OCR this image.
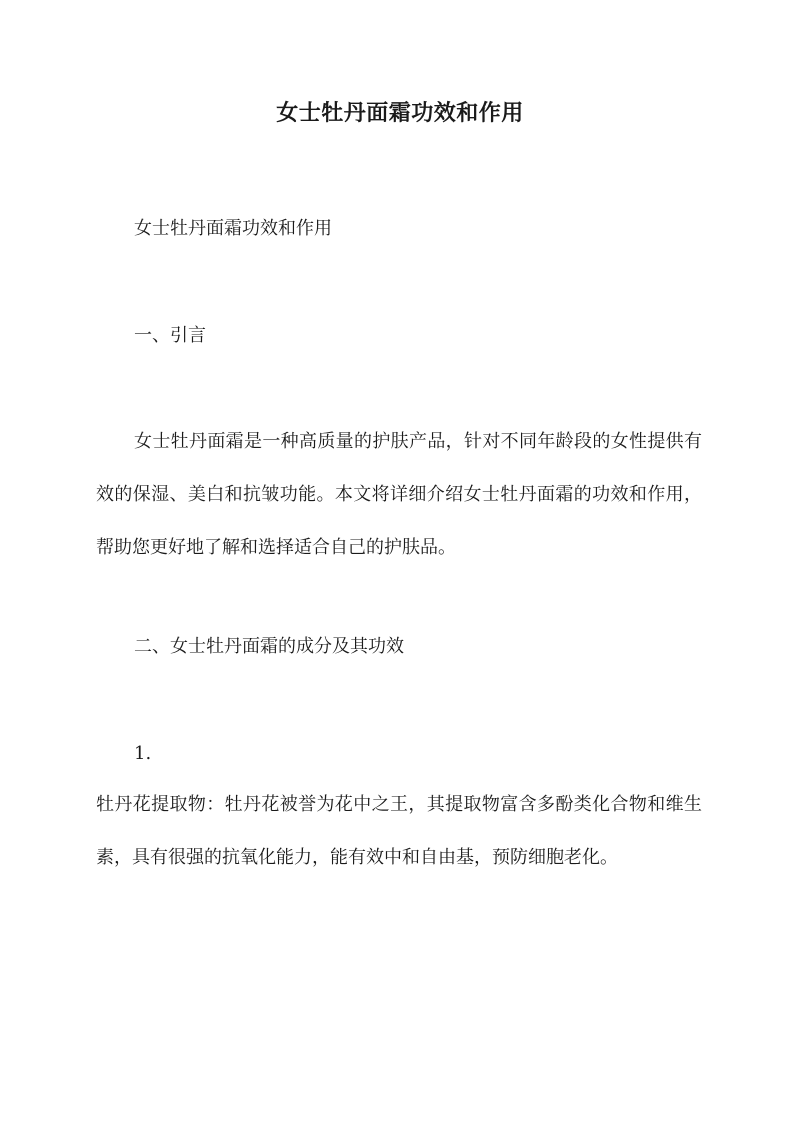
女士牡丹面霜功效和作用
女士牡丹面霜功效和作用
一、引言
女士牡丹面霜是一种高质量的护肤产品，针对不同年龄段的女性提供有效的保湿、美白和抗皱功能。本文将详细介绍女士牡丹面霜的功效和作用，帮助您更好地了解和选择适合自己的护肤品。
二、女士牡丹面霜的成分及其功效
1.
牡丹花提取物：牡丹花被誉为花中之王，其提取物富含多酚类化合物和维生素，具有很强的抗氧化能力，能有效中和自由基，预防细胞老化。
